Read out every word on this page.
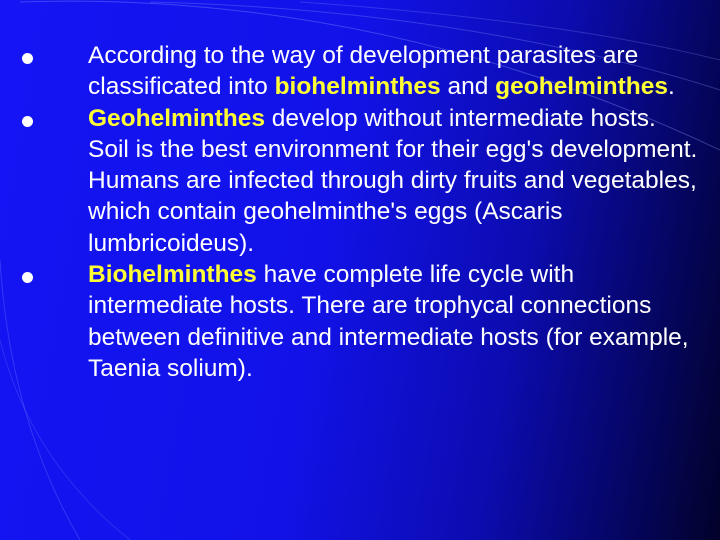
According to the way of development parasites are classificated into biohelminthes and geohelminthes.
Geohelminthes develop without intermediate hosts. Soil is the best environment for their egg's development. Humans are infected through dirty fruits and vegetables, which contain geohelminthe's eggs (Ascaris lumbricoideus).
Biohelminthes have complete life cycle with intermediate hosts. There are trophycal connections between definitive and intermediate hosts (for example, Taenia solium).
